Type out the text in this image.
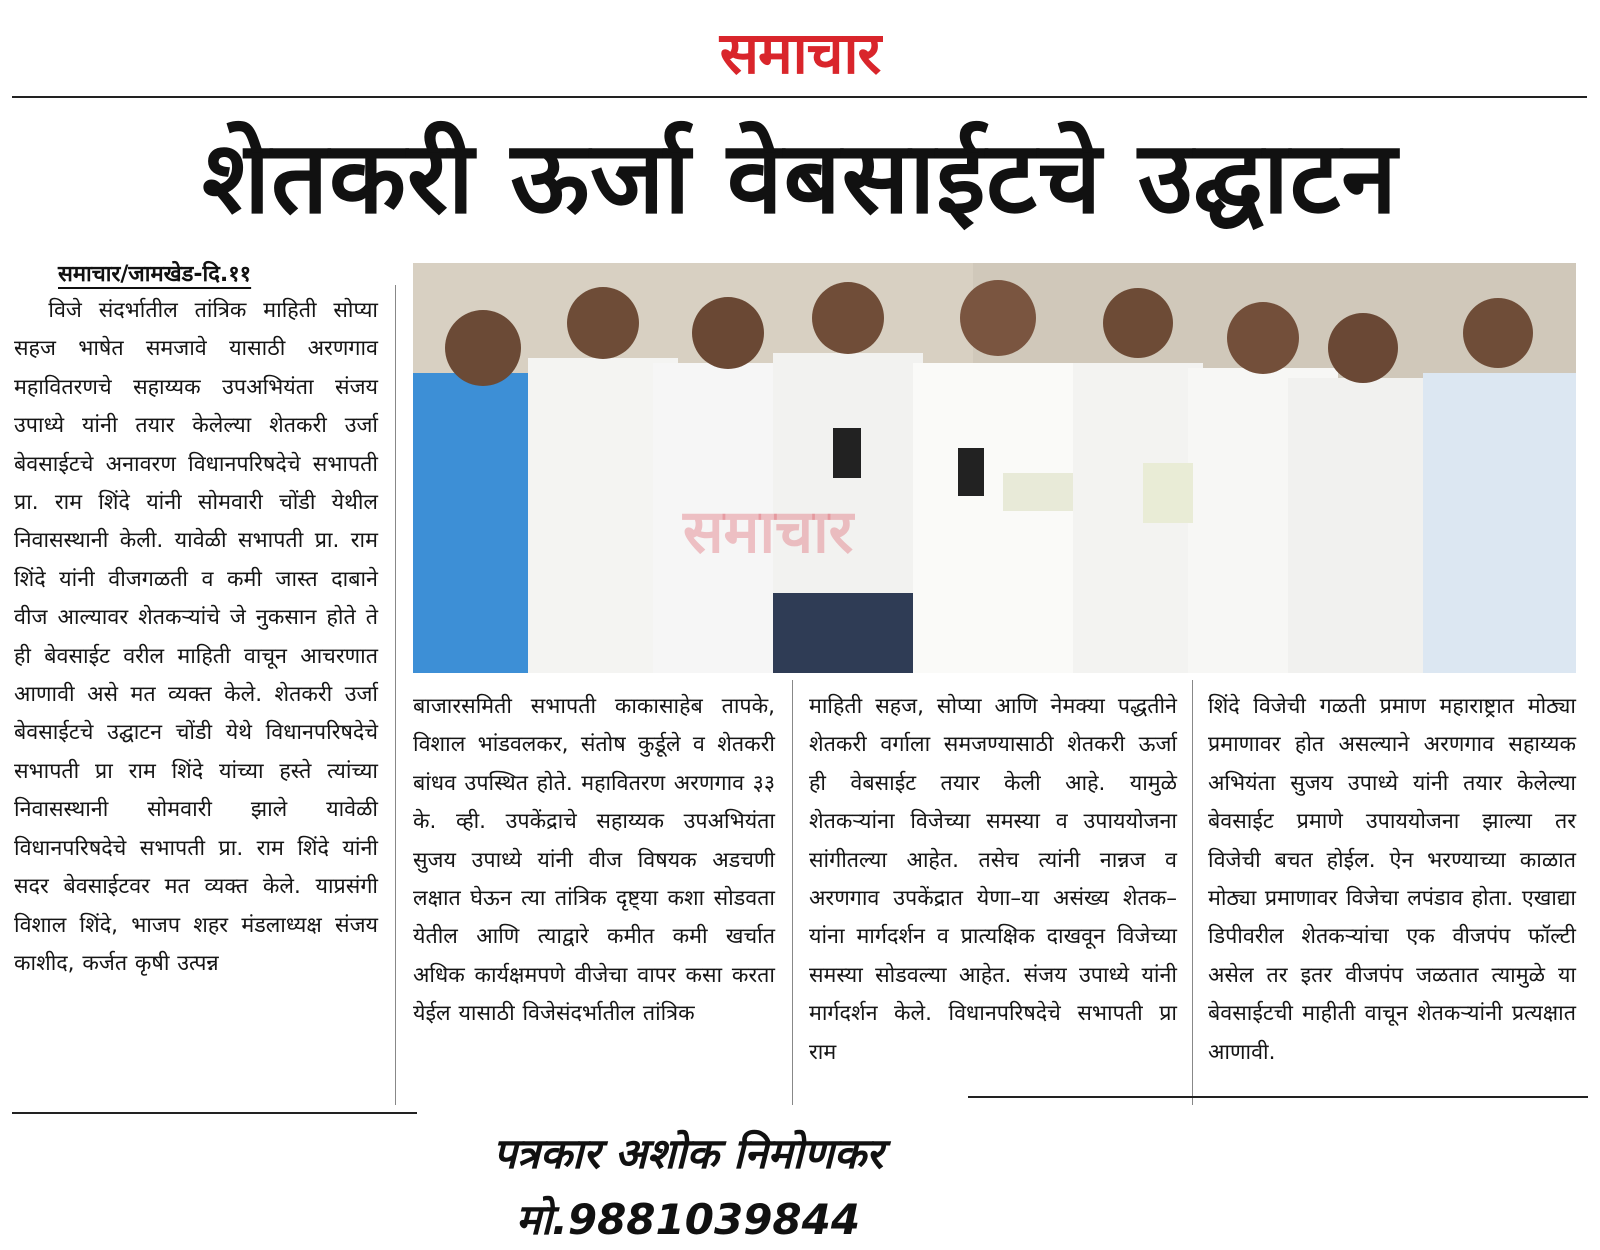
समाचार
शेतकरी ऊर्जा वेबसाईटचे उद्घाटन
समाचार/जामखेड-दि.११

विजे संदर्भातील तांत्रिक माहिती सोप्या सहज भाषेत समजावे यासाठी अरणगाव महावितरणचे सहाय्यक उपअभियंता संजय उपाध्ये यांनी तयार केलेल्या शेतकरी उर्जा बेवसाईटचे अनावरण विधानपरिषदेचे सभापती प्रा. राम शिंदे यांनी सोमवारी चोंडी येथील निवासस्थानी केली. यावेळी सभापती प्रा. राम शिंदे यांनी वीजगळती व कमी जास्त दाबाने वीज आल्यावर शेतकऱ्यांचे जे नुकसान होते ते ही बेवसाईट वरील माहिती वाचून आचरणात आणावी असे मत व्यक्त केले. शेतकरी उर्जा बेवसाईटचे उद्घाटन चोंडी येथे विधानपरिषदेचे सभापती प्रा राम शिंदे यांच्या हस्ते त्यांच्या निवासस्थानी सोमवारी झाले यावेळी विधानपरिषदेचे सभापती प्रा. राम शिंदे यांनी सदर बेवसाईटवर मत व्यक्त केले. याप्रसंगी विशाल शिंदे, भाजप शहर मंडलाध्यक्ष संजय काशीद, कर्जत कृषी उत्पन्न

समाचार

बाजारसमिती सभापती काकासाहेब तापके, विशाल भांडवलकर, संतोष कुर्डूले व शेतकरी बांधव उपस्थित होते. महावितरण अरणगाव ३३ के. व्ही. उपकेंद्राचे सहाय्यक उपअभियंता सुजय उपाध्ये यांनी वीज विषयक अडचणी लक्षात घेऊन त्या तांत्रिक दृष्ट्या कशा सोडवता येतील आणि त्याद्वारे कमीत कमी खर्चात अधिक कार्यक्षमपणे वीजेचा वापर कसा करता येईल यासाठी विजेसंदर्भातील तांत्रिक

माहिती सहज, सोप्या आणि नेमक्या पद्धतीने शेतकरी वर्गाला समजण्यासाठी शेतकरी ऊर्जा ही वेबसाईट तयार केली आहे. यामुळे शेतकऱ्यांना विजेच्या समस्या व उपाययोजना सांगीतल्या आहेत. तसेच त्यांनी नान्नज व अरणगाव उपकेंद्रात येणा–या असंख्य शेतक–यांना मार्गदर्शन व प्रात्यक्षिक दाखवून विजेच्या समस्या सोडवल्या आहेत. संजय उपाध्ये यांनी मार्गदर्शन केले. विधानपरिषदेचे सभापती प्रा राम

शिंदे विजेची गळती प्रमाण महाराष्ट्रात मोठ्या प्रमाणावर होत असल्याने अरणगाव सहाय्यक अभियंता सुजय उपाध्ये यांनी तयार केलेल्या बेवसाईट प्रमाणे उपाययोजना झाल्या तर विजेची बचत होईल. ऐन भरण्याच्या काळात मोठ्या प्रमाणावर विजेचा लपंडाव होता. एखाद्या डिपीवरील शेतकऱ्यांचा एक वीजपंप फॉल्टी असेल तर इतर वीजपंप जळतात त्यामुळे या बेवसाईटची माहीती वाचून शेतकऱ्यांनी प्रत्यक्षात आणावी.

पत्रकार अशोक निमोणकर
मो.9881039844
